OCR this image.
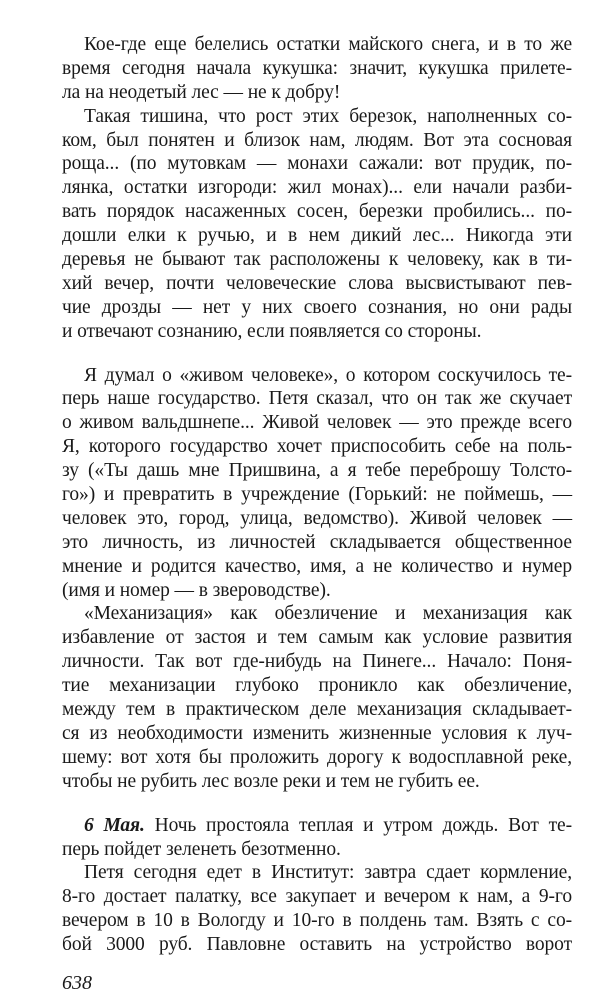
Кое-где еще белелись остатки майского снега, и в то же
время сегодня начала кукушка: значит, кукушка прилете-
ла на неодетый лес — не к добру!
Такая тишина, что рост этих березок, наполненных со-
ком, был понятен и близок нам, людям. Вот эта сосновая
роща... (по мутовкам — монахи сажали: вот прудик, по-
лянка, остатки изгороди: жил монах)... ели начали разби-
вать порядок насаженных сосен, березки пробились... по-
дошли елки к ручью, и в нем дикий лес... Никогда эти
деревья не бывают так расположены к человеку, как в ти-
хий вечер, почти человеческие слова высвистывают пев-
чие дрозды — нет у них своего сознания, но они рады
и отвечают сознанию, если появляется со стороны.
Я думал о «живом человеке», о котором соскучилось те-
перь наше государство. Петя сказал, что он так же скучает
о живом вальдшнепе... Живой человек — это прежде всего
Я, которого государство хочет приспособить себе на поль-
зу («Ты дашь мне Пришвина, а я тебе переброшу Толсто-
го») и превратить в учреждение (Горький: не поймешь, —
человек это, город, улица, ведомство). Живой человек —
это личность, из личностей складывается общественное
мнение и родится качество, имя, а не количество и нумер
(имя и номер — в звероводстве).
«Механизация» как обезличение и механизация как
избавление от застоя и тем самым как условие развития
личности. Так вот где-нибудь на Пинеге... Начало: Поня-
тие механизации глубоко проникло как обезличение,
между тем в практическом деле механизация складывает-
ся из необходимости изменить жизненные условия к луч-
шему: вот хотя бы проложить дорогу к водосплавной реке,
чтобы не рубить лес возле реки и тем не губить ее.
6 Мая. Ночь простояла теплая и утром дождь. Вот те-
перь пойдет зеленеть безотменно.
Петя сегодня едет в Институт: завтра сдает кормление,
8-го достает палатку, все закупает и вечером к нам, а 9-го
вечером в 10 в Вологду и 10-го в полдень там. Взять с со-
бой 3000 руб. Павловне оставить на устройство ворот
638
